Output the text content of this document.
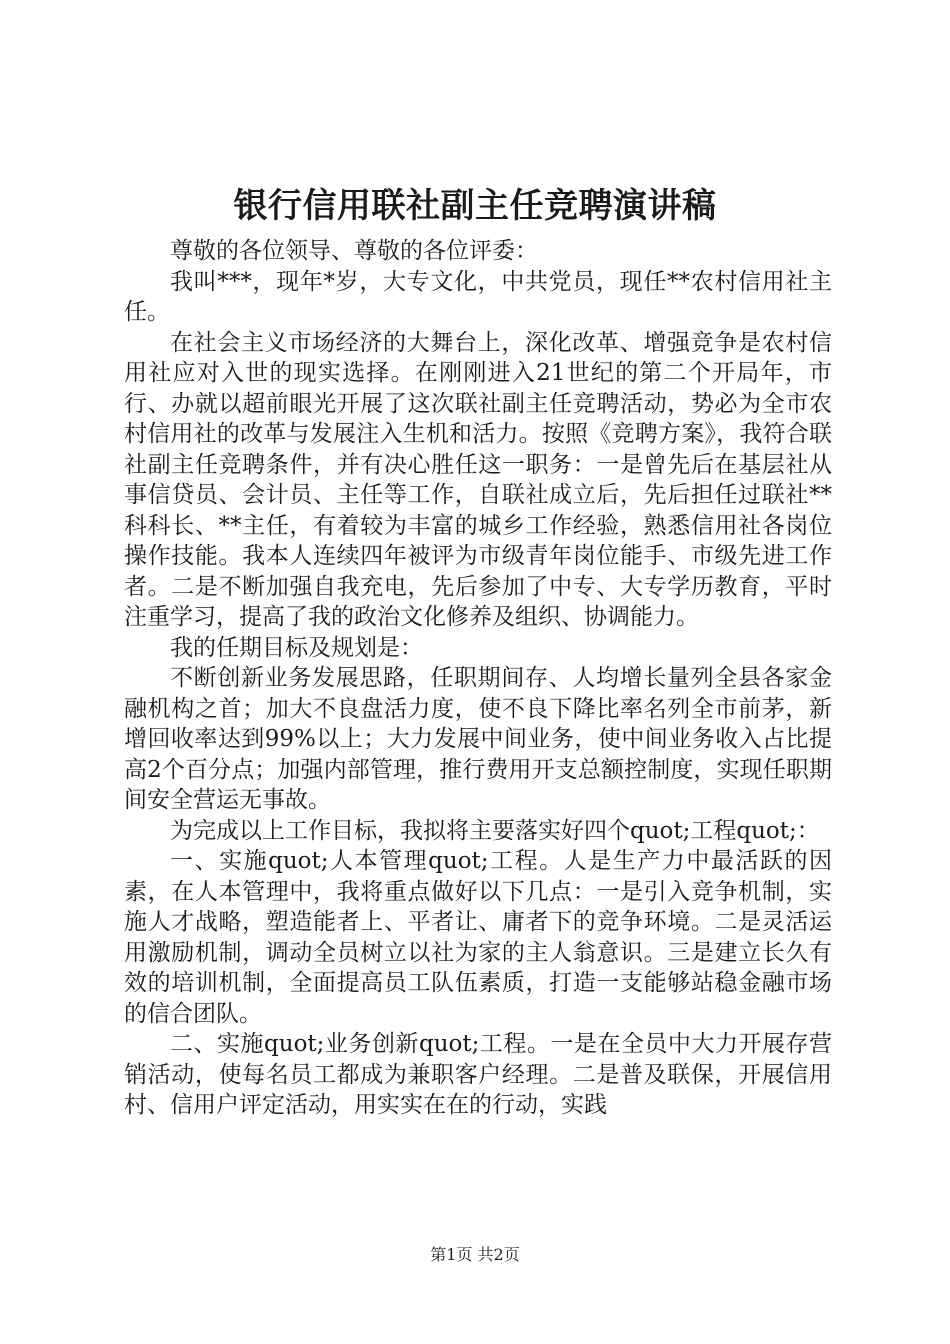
银行信用联社副主任竞聘演讲稿

尊敬的各位领导、尊敬的各位评委：

我叫***，现年*岁，大专文化，中共党员，现任**农村信用社主任。

在社会主义市场经济的大舞台上，深化改革、增强竞争是农村信用社应对入世的现实选择。在刚刚进入21世纪的第二个开局年，市行、办就以超前眼光开展了这次联社副主任竞聘活动，势必为全市农村信用社的改革与发展注入生机和活力。按照《竞聘方案》，我符合联社副主任竞聘条件，并有决心胜任这一职务：一是曾先后在基层社从事信贷员、会计员、主任等工作，自联社成立后，先后担任过联社**科科长、**主任，有着较为丰富的城乡工作经验，熟悉信用社各岗位操作技能。我本人连续四年被评为市级青年岗位能手、市级先进工作者。二是不断加强自我充电，先后参加了中专、大专学历教育，平时注重学习，提高了我的政治文化修养及组织、协调能力。

我的任期目标及规划是：

不断创新业务发展思路，任职期间存、人均增长量列全县各家金融机构之首；加大不良盘活力度，使不良下降比率名列全市前茅，新增回收率达到99%以上；大力发展中间业务，使中间业务收入占比提高2个百分点；加强内部管理，推行费用开支总额控制度，实现任职期间安全营运无事故。

为完成以上工作目标，我拟将主要落实好四个quot;工程quot;：

一、实施quot;人本管理quot;工程。人是生产力中最活跃的因素，在人本管理中，我将重点做好以下几点：一是引入竞争机制，实施人才战略，塑造能者上、平者让、庸者下的竞争环境。二是灵活运用激励机制，调动全员树立以社为家的主人翁意识。三是建立长久有效的培训机制，全面提高员工队伍素质，打造一支能够站稳金融市场的信合团队。

二、实施quot;业务创新quot;工程。一是在全员中大力开展存营销活动，使每名员工都成为兼职客户经理。二是普及联保，开展信用村、信用户评定活动，用实实在在的行动，实践

第1页 共2页
